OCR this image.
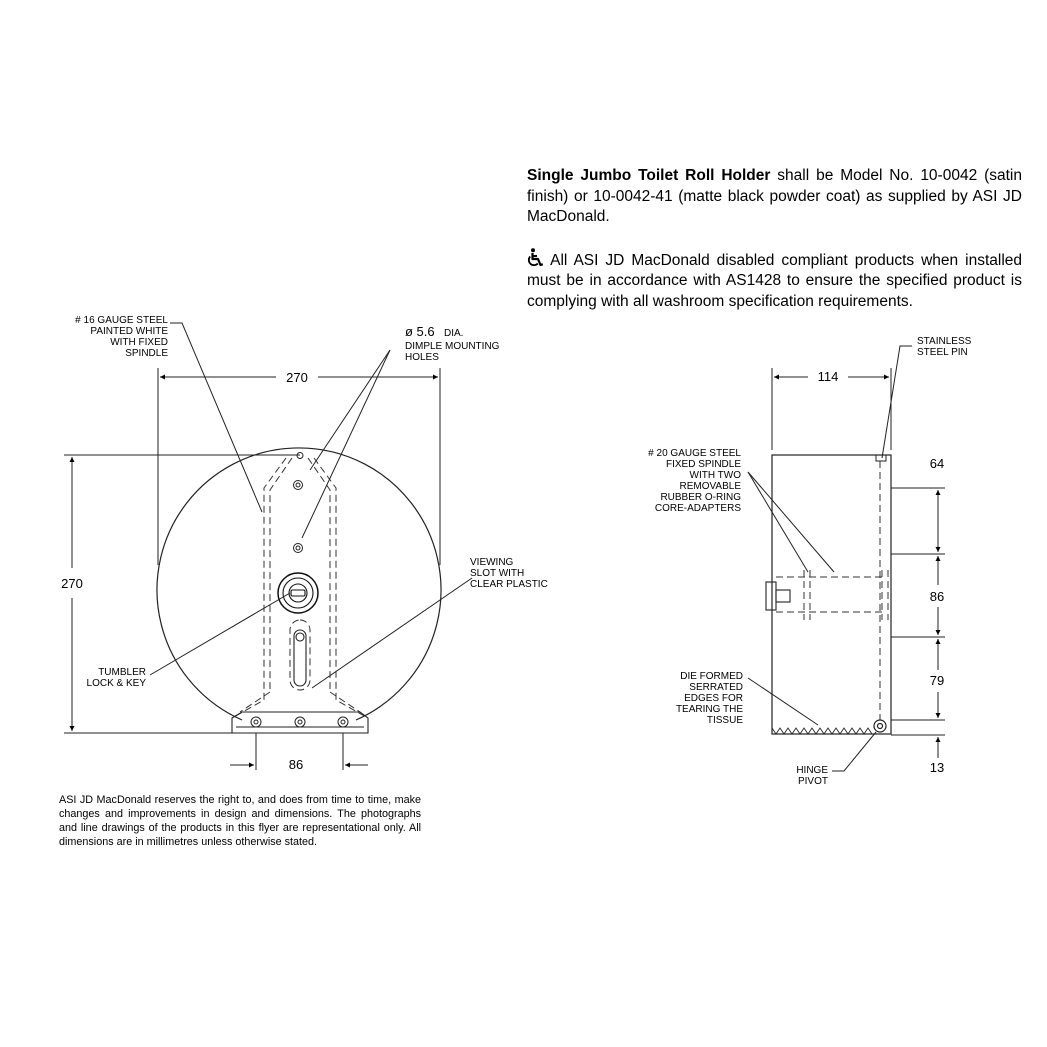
Single Jumbo Toilet Roll Holder shall be Model No. 10-0042 (satin finish) or 10-0042-41 (matte black powder coat) as supplied by ASI JD MacDonald.

All ASI JD MacDonald disabled compliant products when installed must be in accordance with AS1428 to ensure the specified product is complying with all washroom specification requirements.

# 16 GAUGE STEEL
PAINTED WHITE
WITH FIXED
SPINDLE
ø 5.6 DIA.
DIMPLE MOUNTING
HOLES
VIEWING
SLOT WITH
CLEAR PLASTIC
TUMBLER
LOCK & KEY
270
270
86
STAINLESS
STEEL PIN
# 20 GAUGE STEEL
FIXED SPINDLE
WITH TWO
REMOVABLE
RUBBER O-RING
CORE-ADAPTERS
DIE FORMED
SERRATED
EDGES FOR
TEARING THE
TISSUE
HINGE
PIVOT
114
64
86
79
13
ASI JD MacDonald reserves the right to, and does from time to time, make changes and improvements in design and dimensions. The photographs and line drawings of the products in this flyer are representational only. All dimensions are in millimetres unless otherwise stated.
